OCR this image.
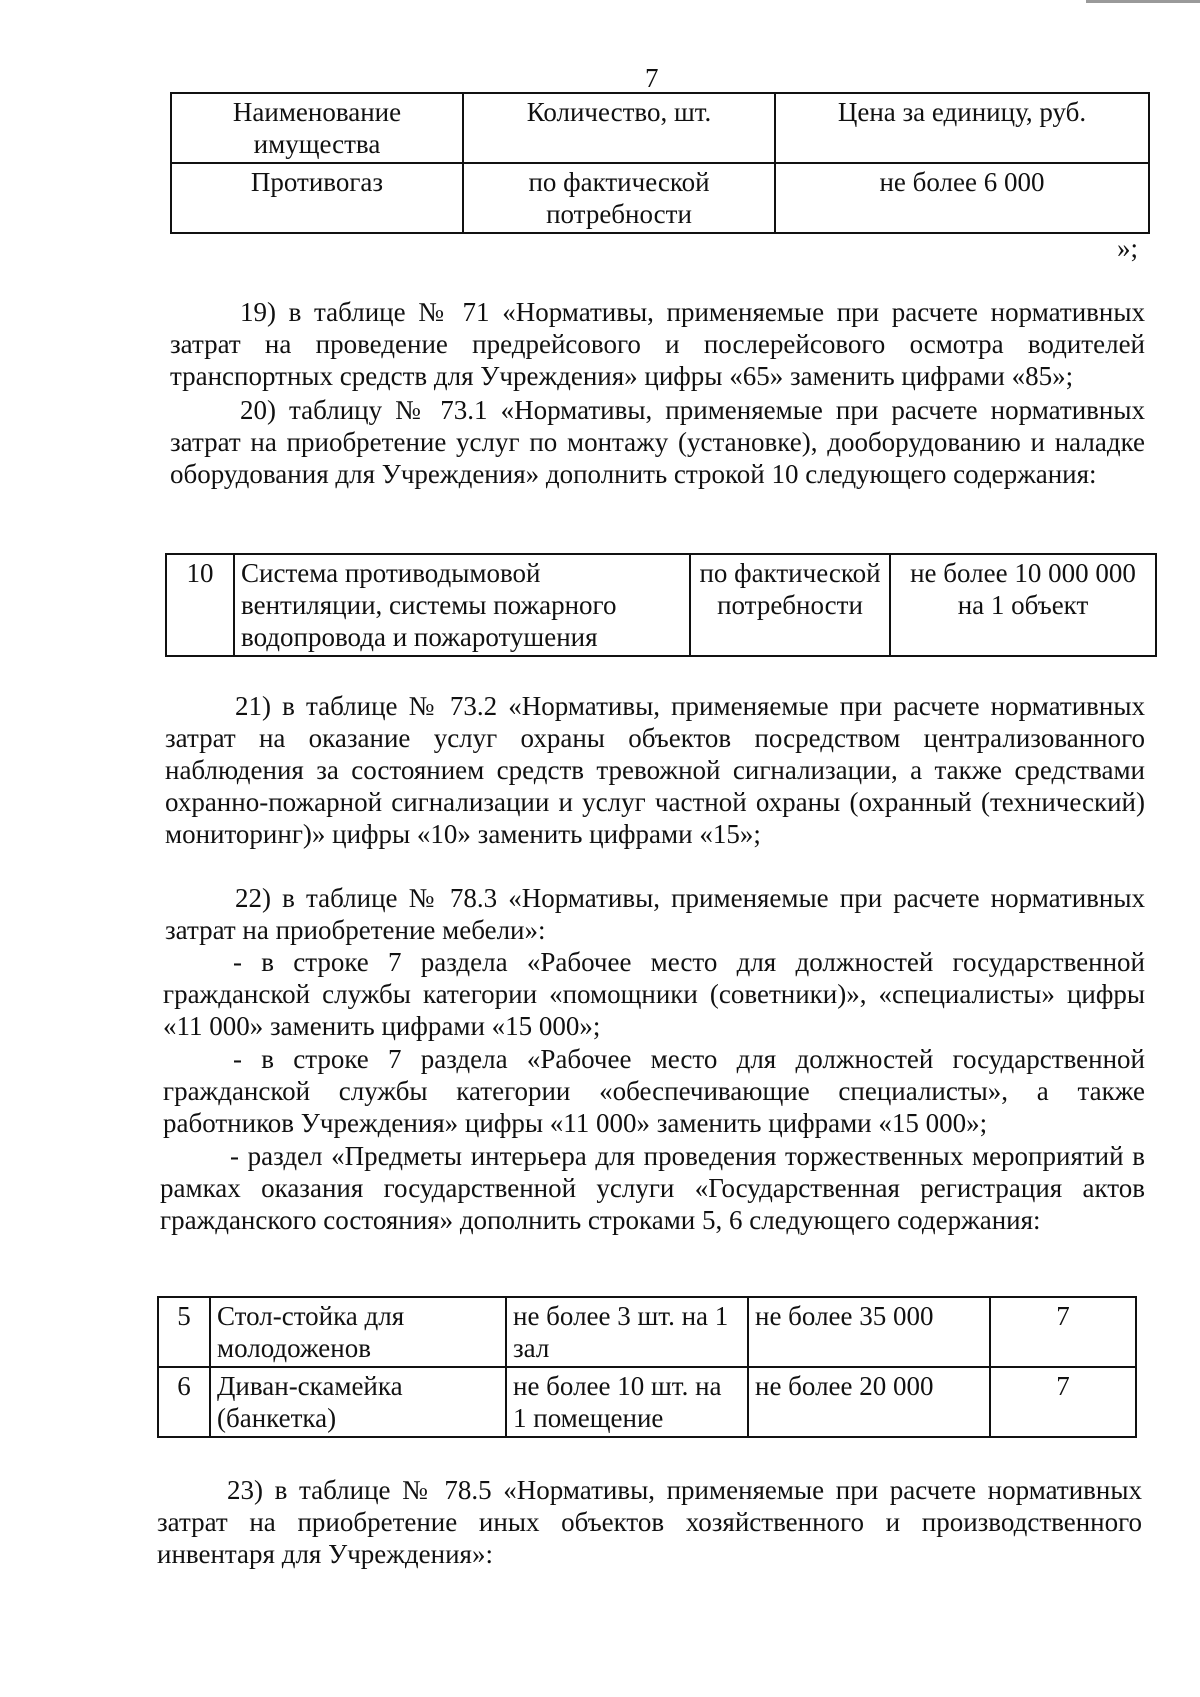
7
Наименование имущества	Количество, шт.	Цена за единицу, руб.
Противогаз	по фактической потребности	не более 6 000
»;
19) в таблице № 71 «Нормативы, применяемые при расчете нормативных затрат на проведение предрейсового и послерейсового осмотра водителей транспортных средств для Учреждения» цифры «65» заменить цифрами «85»;
20) таблицу № 73.1 «Нормативы, применяемые при расчете нормативных затрат на приобретение услуг по монтажу (установке), дооборудованию и наладке оборудования для Учреждения» дополнить строкой 10 следующего содержания:
10	Система противодымовой вентиляции, системы пожарного водопровода и пожаротушения	по фактической потребности	не более 10 000 000 на 1 объект
21) в таблице № 73.2 «Нормативы, применяемые при расчете нормативных затрат на оказание услуг охраны объектов посредством централизованного наблюдения за состоянием средств тревожной сигнализации, а также средствами охранно-пожарной сигнализации и услуг частной охраны (охранный (технический) мониторинг)» цифры «10» заменить цифрами «15»;
22) в таблице № 78.3 «Нормативы, применяемые при расчете нормативных затрат на приобретение мебели»:
- в строке 7 раздела «Рабочее место для должностей государственной гражданской службы категории «помощники (советники)», «специалисты» цифры «11 000» заменить цифрами «15 000»;
- в строке 7 раздела «Рабочее место для должностей государственной гражданской службы категории «обеспечивающие специалисты», а также работников Учреждения» цифры «11 000» заменить цифрами «15 000»;
- раздел «Предметы интерьера для проведения торжественных мероприятий в рамках оказания государственной услуги «Государственная регистрация актов гражданского состояния» дополнить строками 5, 6 следующего содержания:
5	Стол-стойка для молодоженов	не более 3 шт. на 1 зал	не более 35 000	7
6	Диван-скамейка (банкетка)	не более 10 шт. на 1 помещение	не более 20 000	7
23) в таблице № 78.5 «Нормативы, применяемые при расчете нормативных затрат на приобретение иных объектов хозяйственного и производственного инвентаря для Учреждения»:
